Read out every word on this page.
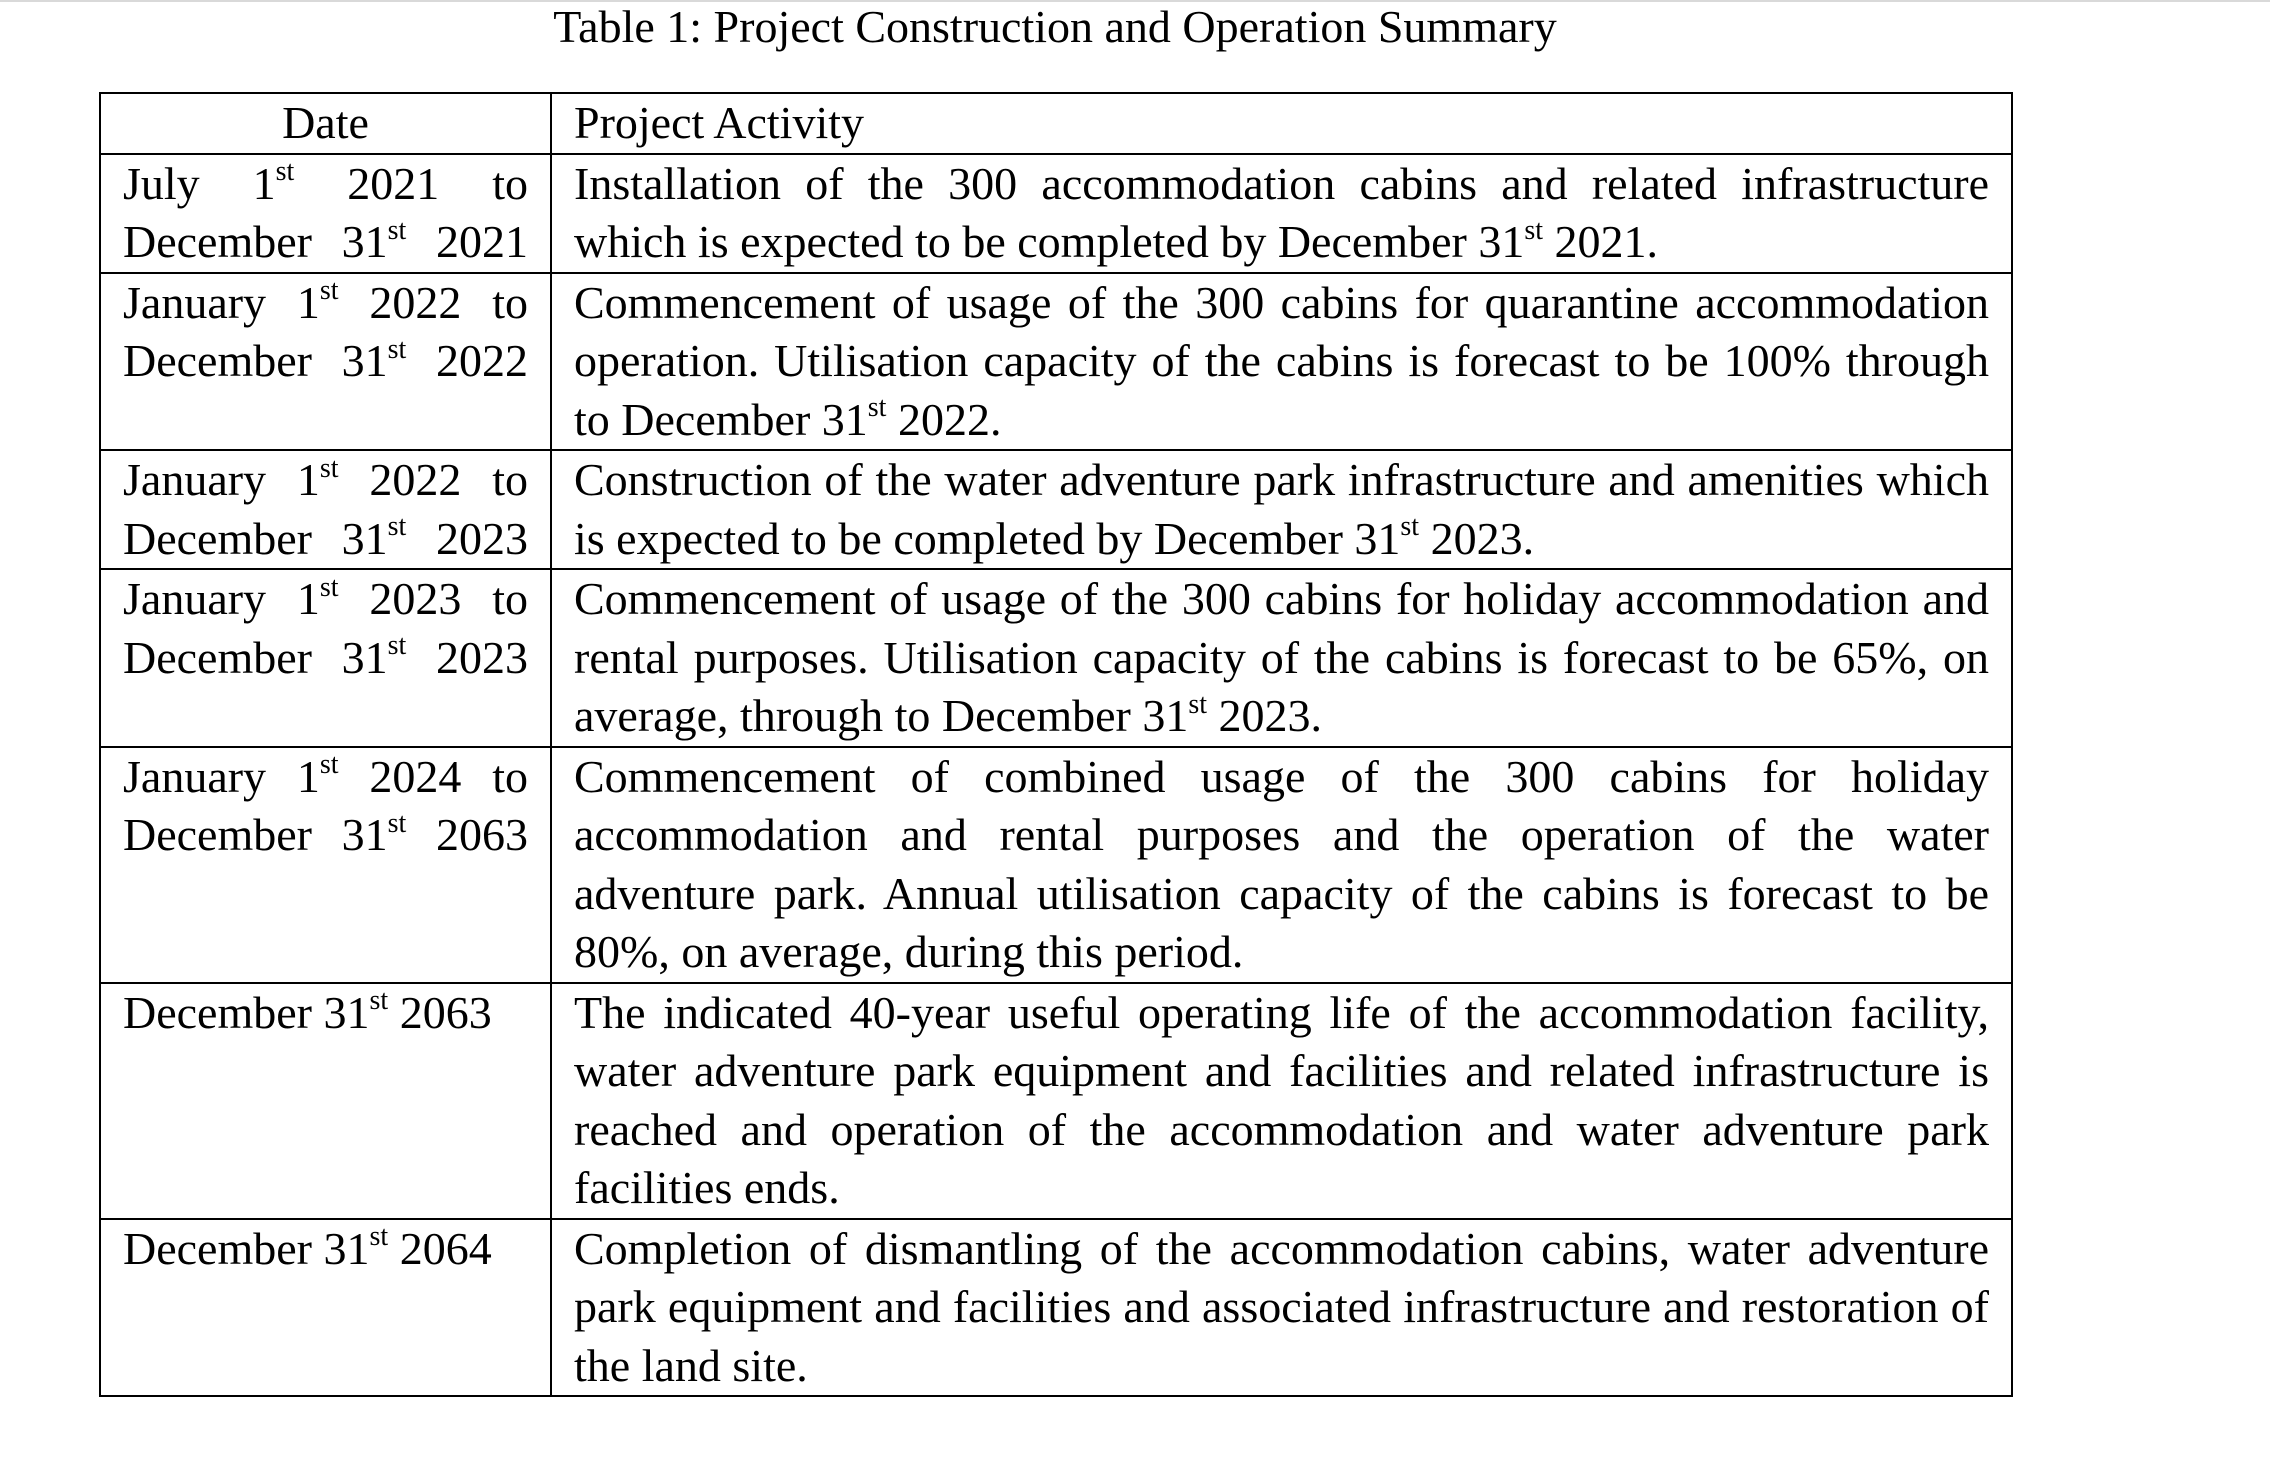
Table 1: Project Construction and Operation Summary
Date	Project Activity

July 1st 2021 to
December 31st 2021	Installation of the 300 accommodation cabins and related infrastructure which is expected to be completed by December 31st 2021.

January 1st 2022 to
December 31st 2022	Commencement of usage of the 300 cabins for quarantine accommodation operation. Utilisation capacity of the cabins is forecast to be 100% through to December 31st 2022.

January 1st 2022 to
December 31st 2023	Construction of the water adventure park infrastructure and amenities which is expected to be completed by December 31st 2023.

January 1st 2023 to
December 31st 2023	Commencement of usage of the 300 cabins for holiday accommodation and rental purposes. Utilisation capacity of the cabins is forecast to be 65%, on average, through to December 31st 2023.

January 1st 2024 to
December 31st 2063	Commencement of combined usage of the 300 cabins for holiday accommodation and rental purposes and the operation of the water adventure park. Annual utilisation capacity of the cabins is forecast to be 80%, on average, during this period.
December 31st 2063	The indicated 40-year useful operating life of the accommodation facility, water adventure park equipment and facilities and related infrastructure is reached and operation of the accommodation and water adventure park facilities ends.
December 31st 2064	Completion of dismantling of the accommodation cabins, water adventure park equipment and facilities and associated infrastructure and restoration of the land site.
